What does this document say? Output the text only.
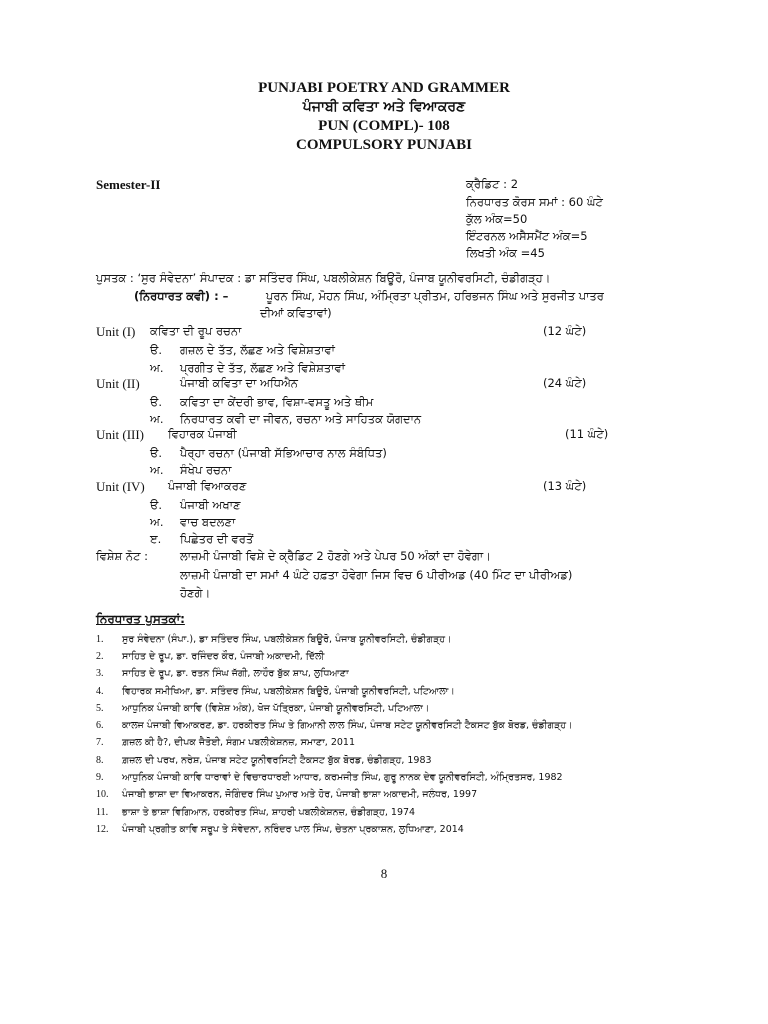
PUNJABI POETRY AND GRAMMER
ਪੰਜਾਬੀ ਕਵਿਤਾ ਅਤੇ ਵਿਆਕਰਣ
PUN (COMPL)- 108
COMPULSORY PUNJABI
Semester-II	ਕ੍ਰੈਡਿਟ : 2
ਨਿਰਧਾਰਤ ਕੋਰਸ ਸਮਾਂ : 60 ਘੰਟੇ
ਕੁੱਲ ਅੰਕ=50
ਇੰਟਰਨਲ ਅਸੈਸਮੈਂਟ ਅੰਕ=5
ਲਿਖਤੀ ਅੰਕ =45
ਪੁਸਤਕ : ‘ਸੁਰ ਸੰਵੇਦਨਾ’ ਸੰਪਾਦਕ : ਡਾ ਸਤਿੰਦਰ ਸਿੰਘ, ਪਬਲੀਕੇਸ਼ਨ ਬਿਊਰੋ, ਪੰਜਾਬ ਯੂਨੀਵਰਸਿਟੀ, ਚੰਡੀਗੜ੍ਹ।
(ਨਿਰਧਾਰਤ ਕਵੀ) : –	ਪੂਰਨ ਸਿੰਘ, ਮੋਹਨ ਸਿੰਘ, ਅੰਮ੍ਰਿਤਾ ਪ੍ਰੀਤਮ, ਹਰਿਭਜਨ ਸਿੰਘ ਅਤੇ ਸੁਰਜੀਤ ਪਾਤਰ
ਦੀਆਂ ਕਵਿਤਾਵਾਂ)
Unit (I) ਕਵਿਤਾ ਦੀ ਰੂਪ ਰਚਨਾ	(12 ਘੰਟੇ)
ੳ. ਗਜ਼ਲ ਦੇ ਤੱਤ, ਲੱਛਣ ਅਤੇ ਵਿਸ਼ੇਸ਼ਤਾਵਾਂ
ਅ. ਪ੍ਰਗੀਤ ਦੇ ਤੱਤ, ਲੱਛਣ ਅਤੇ ਵਿਸ਼ੇਸ਼ਤਾਵਾਂ
Unit (II)	ਪੰਜਾਬੀ ਕਵਿਤਾ ਦਾ ਅਧਿਐਨ	(24 ਘੰਟੇ)
ੳ. ਕਵਿਤਾ ਦਾ ਕੇਂਦਰੀ ਭਾਵ, ਵਿਸ਼ਾ-ਵਸਤੂ ਅਤੇ ਥੀਮ
ਅ. ਨਿਰਧਾਰਤ ਕਵੀ ਦਾ ਜੀਵਨ, ਰਚਨਾ ਅਤੇ ਸਾਹਿਤਕ ਯੋਗਦਾਨ
Unit (III) ਵਿਹਾਰਕ ਪੰਜਾਬੀ	(11 ਘੰਟੇ)
ੳ. ਪੈਰ੍ਹਾ ਰਚਨਾ (ਪੰਜਾਬੀ ਸੱਭਿਆਚਾਰ ਨਾਲ ਸੰਬੰਧਿਤ)
ਅ. ਸੰਖੇਪ ਰਚਨਾ
Unit (IV) ਪੰਜਾਬੀ ਵਿਆਕਰਣ	(13 ਘੰਟੇ)
ੳ. ਪੰਜਾਬੀ ਅਖਾਣ
ਅ. ਵਾਚ ਬਦਲਣਾ
ੲ. ਪਿਛੇਤਰ ਦੀ ਵਰਤੋਂ
ਵਿਸ਼ੇਸ਼ ਨੋਟ :	ਲਾਜ਼ਮੀ ਪੰਜਾਬੀ ਵਿਸ਼ੇ ਦੇ ਕ੍ਰੈਡਿਟ 2 ਹੋਣਗੇ ਅਤੇ ਪੇਪਰ 50 ਅੰਕਾਂ ਦਾ ਹੋਵੇਗਾ।
ਲਾਜ਼ਮੀ ਪੰਜਾਬੀ ਦਾ ਸਮਾਂ 4 ਘੰਟੇ ਹਫ਼ਤਾ ਹੋਵੇਗਾ ਜਿਸ ਵਿਚ 6 ਪੀਰੀਅਡ (40 ਮਿੰਟ ਦਾ ਪੀਰੀਅਡ)
ਹੋਣਗੇ।
ਨਿਰਧਾਰਤ ਪੁਸਤਕਾਂ:
1. ਸੁਰ ਸੰਵੇਦਨਾ (ਸੰਪਾ.), ਡਾ ਸਤਿੰਦਰ ਸਿੰਘ, ਪਬਲੀਕੇਸ਼ਨ ਬਿਊਰੋ, ਪੰਜਾਬ ਯੂਨੀਵਰਸਿਟੀ, ਚੰਡੀਗੜ੍ਹ।
2. ਸਾਹਿਤ ਦੇ ਰੂਪ, ਡਾ. ਰਜਿੰਦਰ ਕੌਰ, ਪੰਜਾਬੀ ਅਕਾਦਮੀ, ਦਿੱਲੀ
3. ਸਾਹਿਤ ਦੇ ਰੂਪ, ਡਾ. ਰਤਨ ਸਿੰਘ ਜੱਗੀ, ਲਾਹੌਰ ਬੁੱਕ ਸ਼ਾਪ, ਲੁਧਿਆਣਾ
4. ਵਿਹਾਰਕ ਸਮੀਖਿਆ, ਡਾ. ਸਤਿੰਦਰ ਸਿੰਘ, ਪਬਲੀਕੇਸ਼ਨ ਬਿਊਰੋ, ਪੰਜਾਬੀ ਯੂਨੀਵਰਸਿਟੀ, ਪਟਿਆਲਾ।
5. ਆਧੁਨਿਕ ਪੰਜਾਬੀ ਕਾਵਿ (ਵਿਸ਼ੇਸ਼ ਅੰਕ), ਖੋਜ ਪੱਤ੍ਰਿਕਾ, ਪੰਜਾਬੀ ਯੂਨੀਵਰਸਿਟੀ, ਪਟਿਆਲਾ।
6. ਕਾਲਜ ਪੰਜਾਬੀ ਵਿਆਕਰਣ, ਡਾ. ਹਰਕੀਰਤ ਸਿੰਘ ਤੇ ਗਿਆਨੀ ਲਾਲ ਸਿੰਘ, ਪੰਜਾਬ ਸਟੇਟ ਯੂਨੀਵਰਸਿਟੀ ਟੈਕਸਟ ਬੁੱਕ ਬੋਰਡ, ਚੰਡੀਗੜ੍ਹ।
7. ਗ਼ਜ਼ਲ ਕੀ ਹੈ?, ਦੀਪਕ ਜੈਤੋਈ, ਸੰਗਮ ਪਬਲੀਕੇਸ਼ਨਜ਼, ਸਮਾਣਾ, 2011
8. ਗ਼ਜ਼ਲ ਦੀ ਪਰਖ, ਨਰੇਸ਼, ਪੰਜਾਬ ਸਟੇਟ ਯੂਨੀਵਰਸਿਟੀ ਟੈਕਸਟ ਬੁੱਕ ਬੋਰਡ, ਚੰਡੀਗੜ੍ਹ, 1983
9. ਆਧੁਨਿਕ ਪੰਜਾਬੀ ਕਾਵਿ ਧਾਰਾਵਾਂ ਦੇ ਵਿਚਾਰਧਾਰਈ ਆਧਾਰ, ਕਰਮਜੀਤ ਸਿੰਘ, ਗੁਰੂ ਨਾਨਕ ਦੇਵ ਯੂਨੀਵਰਸਿਟੀ, ਅੰਮ੍ਰਿਤਸਰ, 1982
10. ਪੰਜਾਬੀ ਭਾਸ਼ਾ ਦਾ ਵਿਆਕਰਨ, ਜੋਗਿੰਦਰ ਸਿੰਘ ਪੁਆਰ ਅਤੇ ਹੋਰ, ਪੰਜਾਬੀ ਭਾਸ਼ਾ ਅਕਾਦਮੀ, ਜਲੰਧਰ, 1997
11. ਭਾਸ਼ਾ ਤੇ ਭਾਸ਼ਾ ਵਿਗਿਆਨ, ਹਰਕੀਰਤ ਸਿੰਘ, ਸ਼ਾਹਰੀ ਪਬਲੀਕੇਸ਼ਨਜ਼, ਚੰਡੀਗੜ੍ਹ, 1974
12. ਪੰਜਾਬੀ ਪ੍ਰਗੀਤ ਕਾਵਿ ਸਰੂਪ ਤੇ ਸੰਵੇਦਨਾ, ਨਰਿੰਦਰ ਪਾਲ ਸਿੰਘ, ਚੇਤਨਾ ਪ੍ਰਕਾਸ਼ਨ, ਲੁਧਿਆਣਾ, 2014
8
